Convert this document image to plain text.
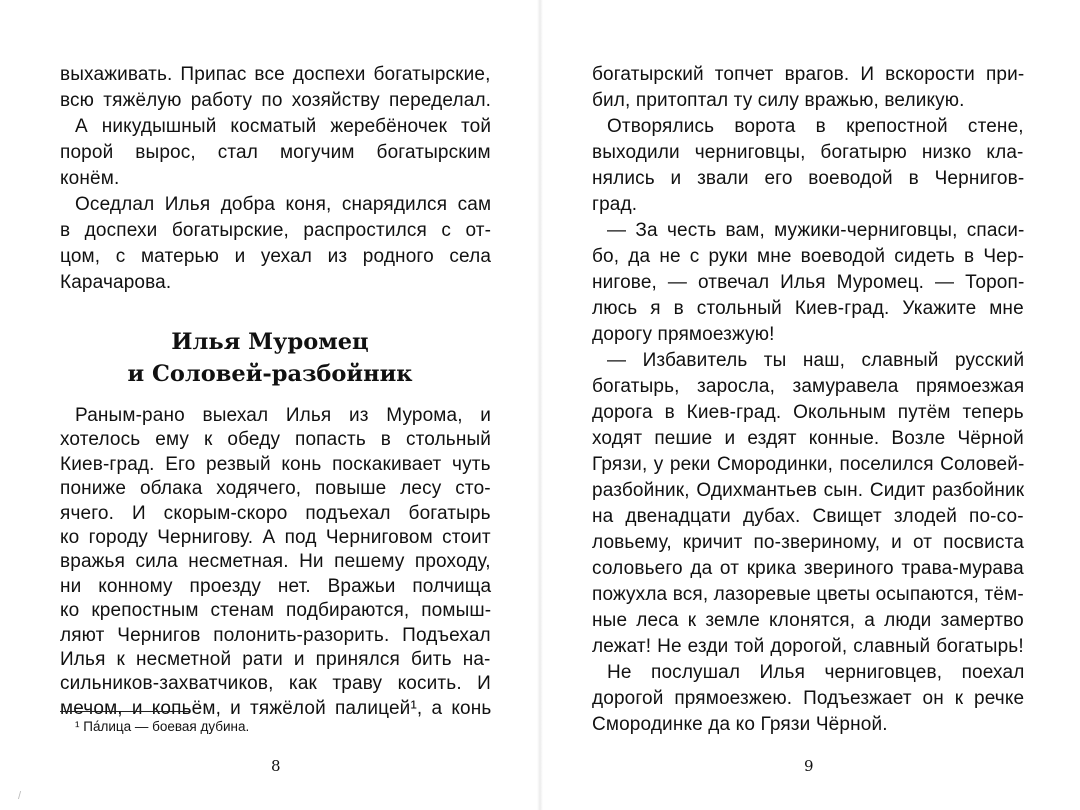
выхаживать. Припас все доспехи богатырские,

всю тяжёлую работу по хозяйству переделал.

А никудышный косматый жеребёночек той

порой вырос, стал могучим богатырским

конём.

Оседлал Илья добра коня, снарядился сам

в доспехи богатырские, распростился с от-

цом, с матерью и уехал из родного села

Карачарова.

Илья Муромец

и Соловей-разбойник

Раным-рано выехал Илья из Мурома, и

хотелось ему к обеду попасть в стольный

Киев-град. Его резвый конь поскакивает чуть

пониже облака ходячего, повыше лесу сто-

ячего. И скорым-скоро подъехал богатырь

ко городу Чернигову. А под Черниговом стоит

вражья сила несметная. Ни пешему проходу,

ни конному проезду нет. Вражьи полчища

ко крепостным стенам подбираются, помыш-

ляют Чернигов полонить-разорить. Подъехал

Илья к несметной рати и принялся бить на-

сильников-захватчиков, как траву косить. И

мечом, и копьём, и тяжёлой палицей¹, а конь

¹ Па́лица — боевая дубина.

8

/

богатырский топчет врагов. И вскорости при-

бил, притоптал ту силу вражью, великую.

Отворялись ворота в крепостной стене,

выходили черниговцы, богатырю низко кла-

нялись и звали его воеводой в Чернигов-

град.

— За честь вам, мужики-черниговцы, спаси-

бо, да не с руки мне воеводой сидеть в Чер-

нигове, — отвечал Илья Муромец. — Тороп-

люсь я в стольный Киев-град. Укажите мне

дорогу прямоезжую!

— Избавитель ты наш, славный русский

богатырь, заросла, замуравела прямоезжая

дорога в Киев-град. Окольным путём теперь

ходят пешие и ездят конные. Возле Чёрной

Грязи, у реки Смородинки, поселился Соловей-

разбойник, Одихмантьев сын. Сидит разбойник

на двенадцати дубах. Свищет злодей по-со-

ловьему, кричит по-звериному, и от посвиста

соловьего да от крика звериного трава-мурава

пожухла вся, лазоревые цветы осыпаются, тём-

ные леса к земле клонятся, а люди замертво

лежат! Не езди той дорогой, славный богатырь!

Не послушал Илья черниговцев, поехал

дорогой прямоезжею. Подъезжает он к речке

Смородинке да ко Грязи Чёрной.

9
